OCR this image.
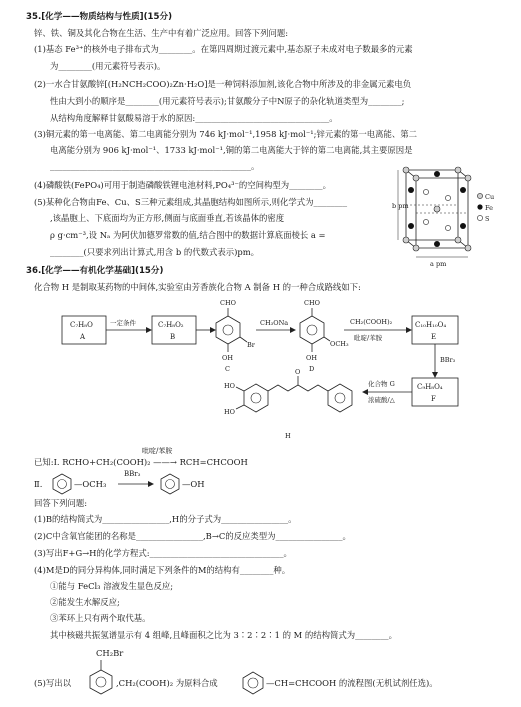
35.[化学——物质结构与性质](15分)
锌、铁、铜及其化合物在生活、生产中有着广泛应用。回答下列问题:
(1)基态 Fe³⁺的核外电子排布式为________。在第四周期过渡元素中,基态原子未成对电子数最多的元素
为________(用元素符号表示)。
(2)一水合甘氨酸锌[(H₂NCH₂COO)₂Zn·H₂O]是一种饲料添加剂,该化合物中所涉及的非金属元素电负
性由大到小的顺序是________(用元素符号表示);甘氨酸分子中N原子的杂化轨道类型为________;
从结构角度解释甘氨酸易溶于水的原因:________________________________。
(3)铜元素的第一电离能、第二电离能分别为 746 kJ·mol⁻¹,1958 kJ·mol⁻¹;锌元素的第一电离能、第二
电离能分别为 906 kJ·mol⁻¹、1733 kJ·mol⁻¹,铜的第二电离能大于锌的第二电离能,其主要原因是
________________________________________________。
(4)磷酸铁(FePO₄)可用于制造磷酸铁锂电池材料,PO₄³⁻的空间构型为________。
(5)某种化合物由Fe、Cu、S三种元素组成,其晶胞结构如图所示,则化学式为________
,该晶胞上、下底面均为正方形,侧面与底面垂直,若该晶体的密度
ρ g·cm⁻³,设 Nₐ 为阿伏加德罗常数的值,结合图中的数据计算底面棱长 a =
________(只要求列出计算式,用含 b 的代数式表示)pm。
b pm
a pm
Cu
Fe
S
36.[化学——有机化学基础](15分)
化合物 H 是制取某药物的中间体,实验室由芳香族化合物 A 制备 H 的一种合成路线如下:
C₇H₈O
A
一定条件	C₇H₈O₂
B
CHO
Br
OH
C
CH₃ONa
CHO
OCH₃
OH
D
CH₂(COOH)₂
吡啶/苯胺
C₁₀H₁₀O₄
E
BBr₃
C₉H₈O₄
F
化合物 G
浓硫酸/△
HO
HO
O
H
吡啶/苯胺
已知:Ⅰ. RCHO+CH₂(COOH)₂ ——→ RCH=CHCOOH
Ⅱ.	—OCH₃
BBr₃
—OH
回答下列问题:
(1)B的结构简式为________________,H的分子式为________________。
(2)C中含氧官能团的名称是________________,B→C的反应类型为________________。
(3)写出F+G→H的化学方程式:________________________________。
(4)M是D的同分异构体,同时满足下列条件的M的结构有________种。
①能与 FeCl₃ 溶液发生显色反应;
②能发生水解反应;
③苯环上只有两个取代基。
其中核磁共振氢谱显示有 4 组峰,且峰面积之比为 3∶2∶2∶1 的 M 的结构简式为________。
CH₂Br
(5)写出以	,CH₂(COOH)₂ 为原料合成	—CH=CHCOOH 的流程图(无机试剂任选)。
